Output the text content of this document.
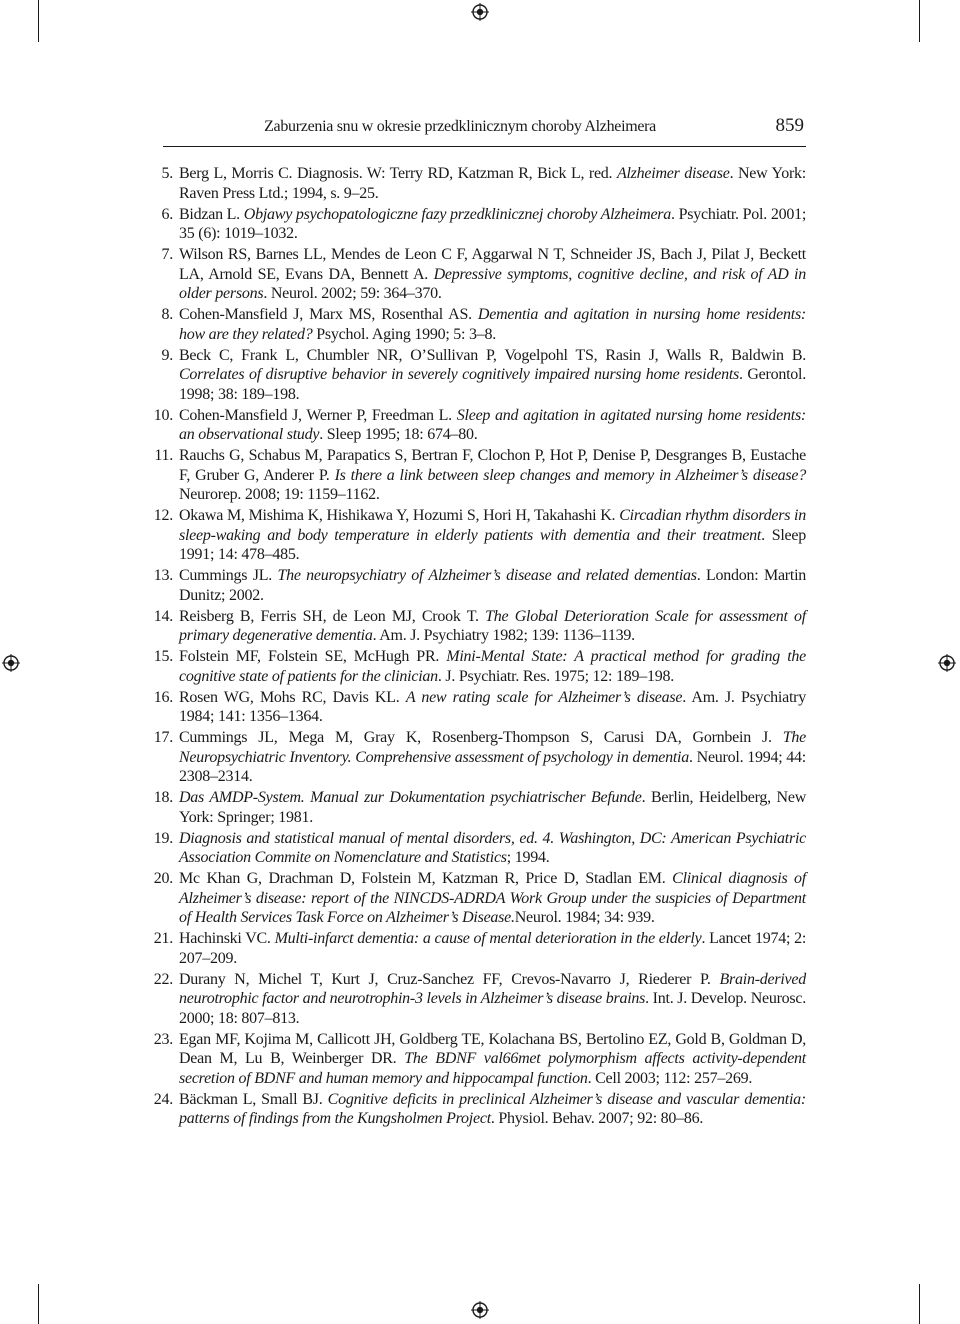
Zaburzenia snu w okresie przedklinicznym choroby Alzheimera	859
5. Berg L, Morris C. Diagnosis. W: Terry RD, Katzman R, Bick L, red. Alzheimer disease. New York: Raven Press Ltd.; 1994, s. 9–25.
6. Bidzan L. Objawy psychopatologiczne fazy przedklinicznej choroby Alzheimera. Psychiatr. Pol. 2001; 35 (6): 1019–1032.
7. Wilson RS, Barnes LL, Mendes de Leon C F, Aggarwal N T, Schneider JS, Bach J, Pilat J, Beckett LA, Arnold SE, Evans DA, Bennett A. Depressive symptoms, cognitive decline, and risk of AD in older persons. Neurol. 2002; 59: 364–370.
8. Cohen-Mansfield J, Marx MS, Rosenthal AS. Dementia and agitation in nursing home residents: how are they related? Psychol. Aging 1990; 5: 3–8.
9. Beck C, Frank L, Chumbler NR, O’Sullivan P, Vogelpohl TS, Rasin J, Walls R, Baldwin B. Correlates of disruptive behavior in severely cognitively impaired nursing home residents. Gerontol. 1998; 38: 189–198.
10. Cohen-Mansfield J, Werner P, Freedman L. Sleep and agitation in agitated nursing home residents: an observational study. Sleep 1995; 18: 674–80.
11. Rauchs G, Schabus M, Parapatics S, Bertran F, Clochon P, Hot P, Denise P, Desgranges B, Eustache F, Gruber G, Anderer P. Is there a link between sleep changes and memory in Alzheimer’s disease? Neurorep. 2008; 19: 1159–1162.
12. Okawa M, Mishima K, Hishikawa Y, Hozumi S, Hori H, Takahashi K. Circadian rhythm disorders in sleep-waking and body temperature in elderly patients with dementia and their treatment. Sleep 1991; 14: 478–485.
13. Cummings JL. The neuropsychiatry of Alzheimer’s disease and related dementias. London: Martin Dunitz; 2002.
14. Reisberg B, Ferris SH, de Leon MJ, Crook T. The Global Deterioration Scale for assessment of primary degenerative dementia. Am. J. Psychiatry 1982; 139: 1136–1139.
15. Folstein MF, Folstein SE, McHugh PR. Mini-Mental State: A practical method for grading the cognitive state of patients for the clinician. J. Psychiatr. Res. 1975; 12: 189–198.
16. Rosen WG, Mohs RC, Davis KL. A new rating scale for Alzheimer’s disease. Am. J. Psychiatry 1984; 141: 1356–1364.
17. Cummings JL, Mega M, Gray K, Rosenberg-Thompson S, Carusi DA, Gornbein J. The Neuropsychiatric Inventory. Comprehensive assessment of psychology in dementia. Neurol. 1994; 44: 2308–2314.
18. Das AMDP-System. Manual zur Dokumentation psychiatrischer Befunde. Berlin, Heidelberg, New York: Springer; 1981.
19. Diagnosis and statistical manual of mental disorders, ed. 4. Washington, DC: American Psychiatric Association Commite on Nomenclature and Statistics; 1994.
20. Mc Khan G, Drachman D, Folstein M, Katzman R, Price D, Stadlan EM. Clinical diagnosis of Alzheimer’s disease: report of the NINCDS-ADRDA Work Group under the suspicies of Department of Health Services Task Force on Alzheimer’s Disease.Neurol. 1984; 34: 939.
21. Hachinski VC. Multi-infarct dementia: a cause of mental deterioration in the elderly. Lancet 1974; 2: 207–209.
22. Durany N, Michel T, Kurt J, Cruz-Sanchez FF, Crevos-Navarro J, Riederer P. Brain-derived neurotrophic factor and neurotrophin-3 levels in Alzheimer’s disease brains. Int. J. Develop. Neurosc. 2000; 18: 807–813.
23. Egan MF, Kojima M, Callicott JH, Goldberg TE, Kolachana BS, Bertolino EZ, Gold B, Goldman D, Dean M, Lu B, Weinberger DR. The BDNF val66met polymorphism affects activity-dependent secretion of BDNF and human memory and hippocampal function. Cell 2003; 112: 257–269.
24. Bäckman L, Small BJ. Cognitive deficits in preclinical Alzheimer’s disease and vascular dementia: patterns of findings from the Kungsholmen Project. Physiol. Behav. 2007; 92: 80–86.
